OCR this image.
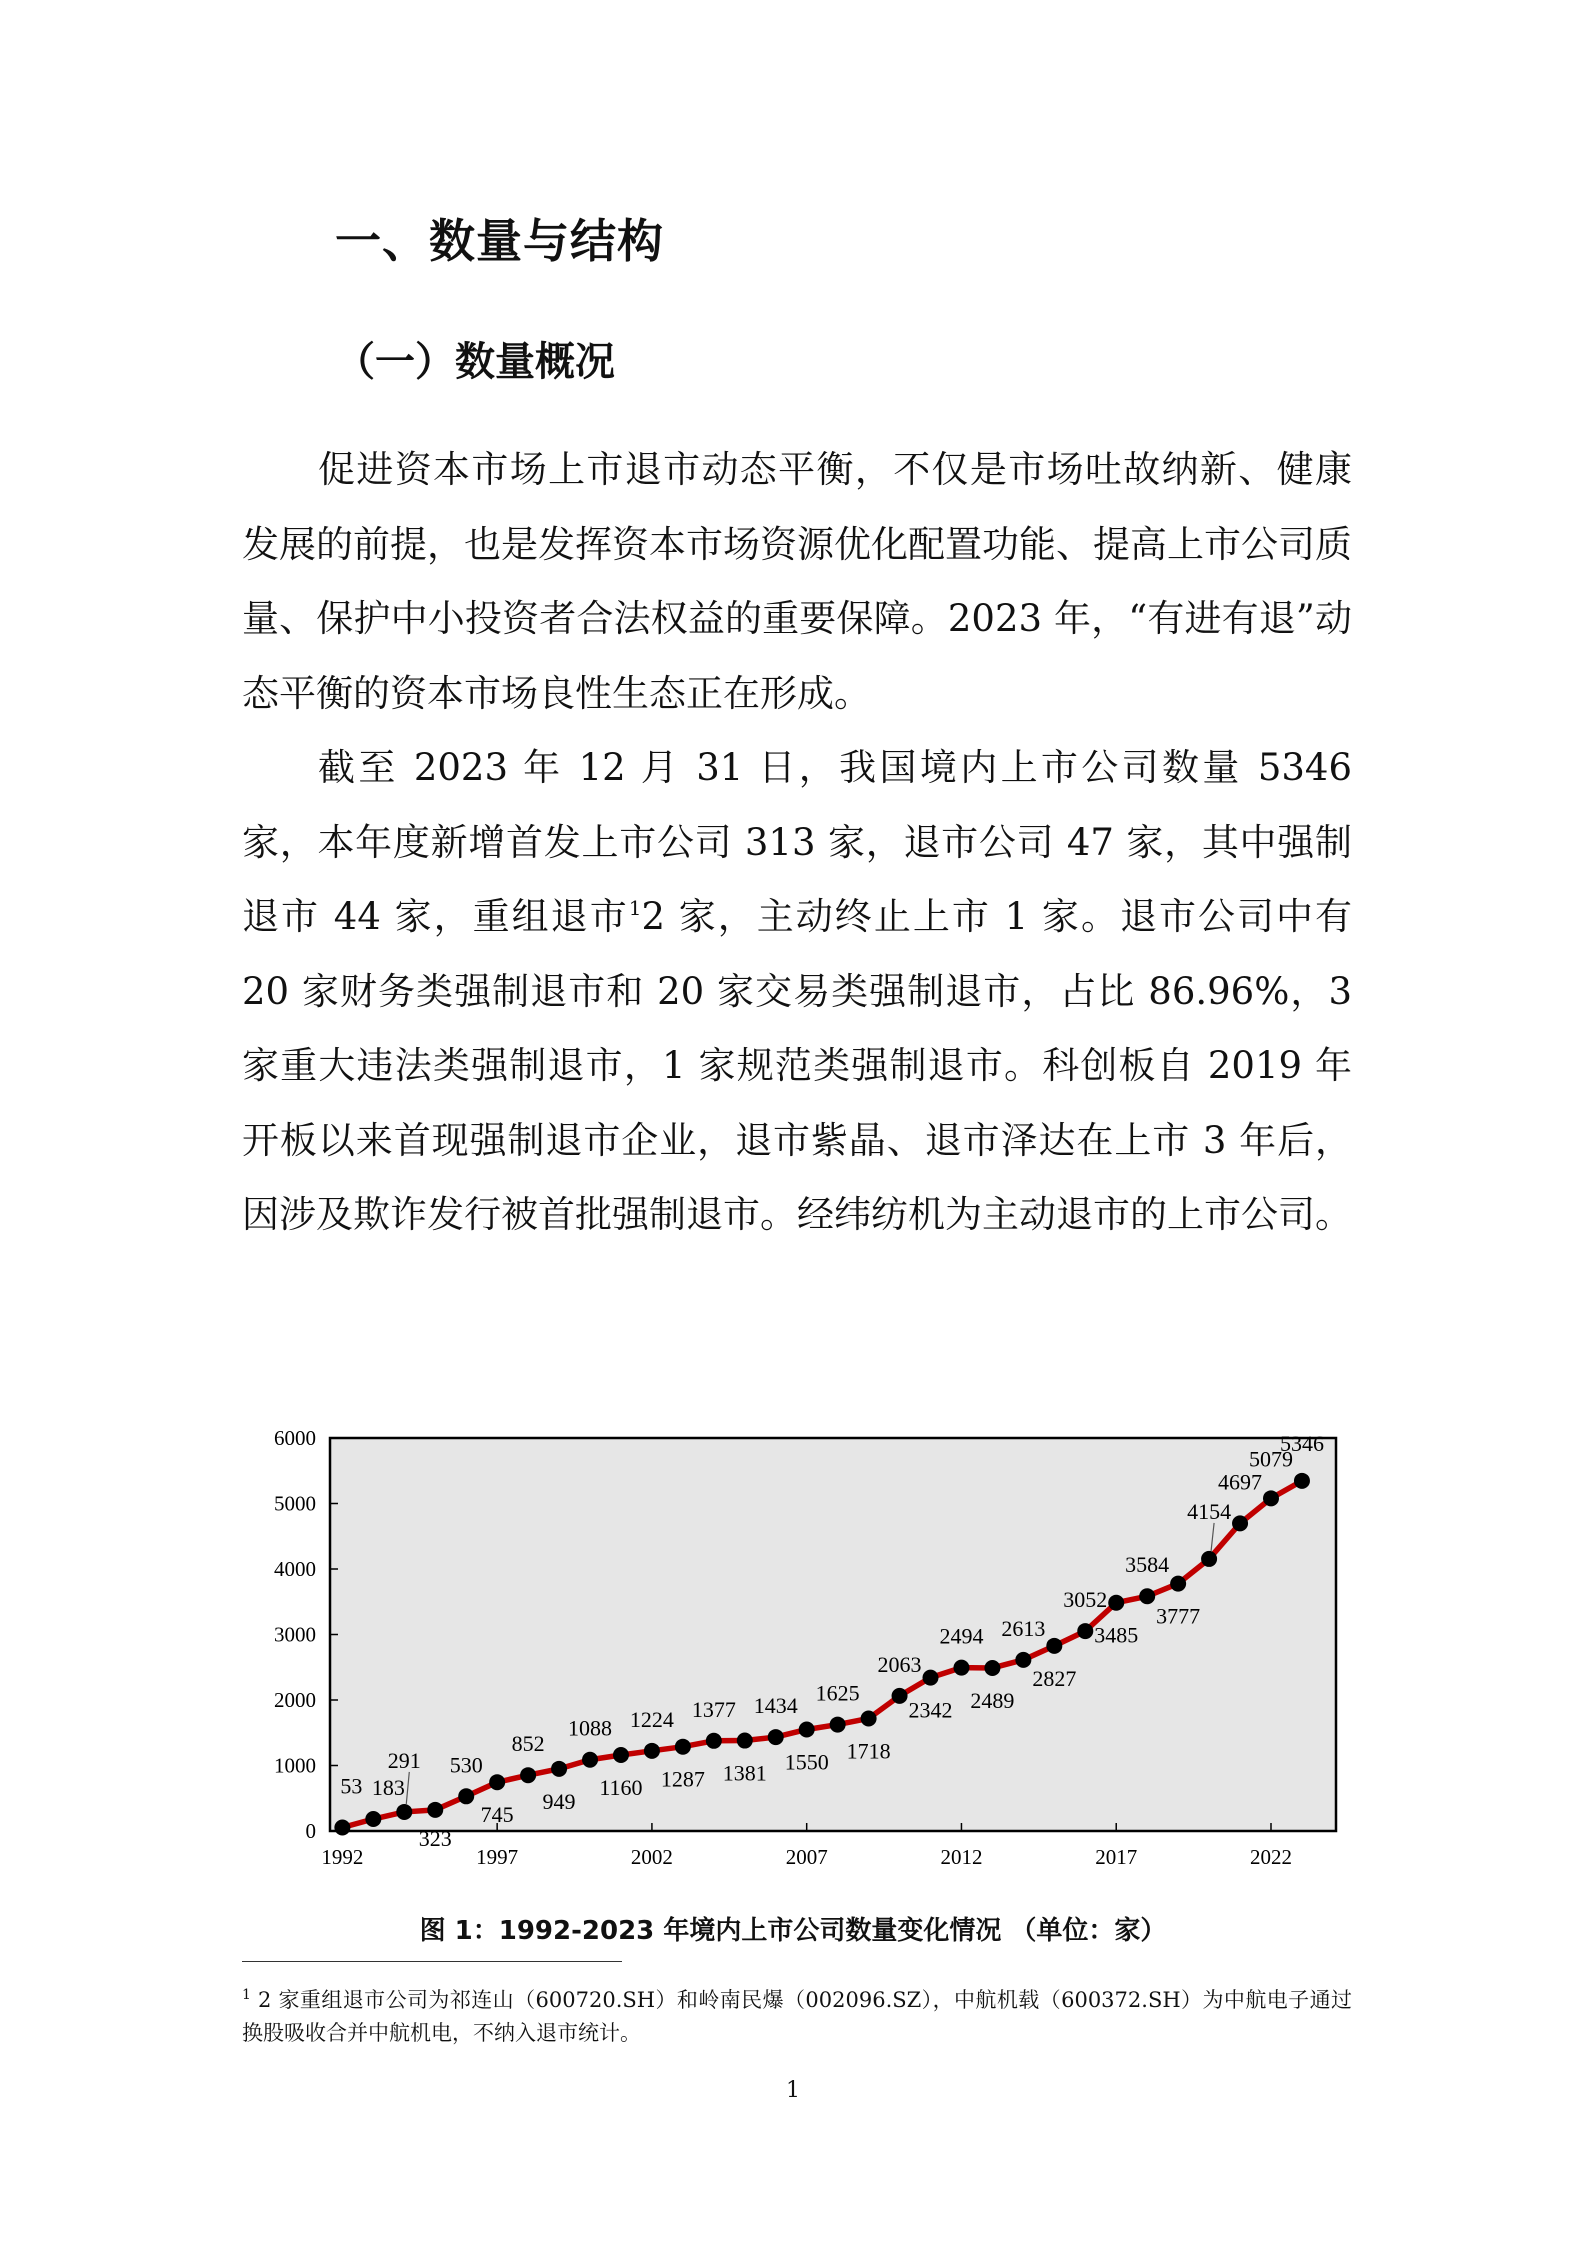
一、数量与结构
（一）数量概况

促进资本市场上市退市动态平衡，不仅是市场吐故纳新、健康发展的前提，也是发挥资本市场资源优化配置功能、提高上市公司质量、保护中小投资者合法权益的重要保障。2023 年，“有进有退”动态平衡的资本市场良性生态正在形成。

截至 2023 年 12 月 31 日，我国境内上市公司数量 5346 家，本年度新增首发上市公司 313 家，退市公司 47 家，其中强制退市 44 家，重组退市$^1$2 家，主动终止上市 1 家。退市公司中有 20 家财务类强制退市和 20 家交易类强制退市，占比 86.96%，3 家重大违法类强制退市，1 家规范类强制退市。科创板自 2019 年开板以来首现强制退市企业，退市紫晶、退市泽达在上市 3 年后，因涉及欺诈发行被首批强制退市。经纬纺机为主动退市的上市公司。

0
1000
2000
3000
4000
5000
6000
1992	1997	2002	2007	2012	2017	2022
53 183
291
323
530
745
852
949
1088
1160
1224
1287
1377
1381
1434
1550
1625
1718
2063
2342
2494
2489
2613
2827
3052
3485
3584
3777
4154
4697
5079
5346

图 1：1992-2023 年境内上市公司数量变化情况 （单位：家）

$^1$ 2 家重组退市公司为祁连山（600720.SH）和岭南民爆（002096.SZ），中航机载（600372.SH）为中航电子通过换股吸收合并中航机电，不纳入退市统计。

1
